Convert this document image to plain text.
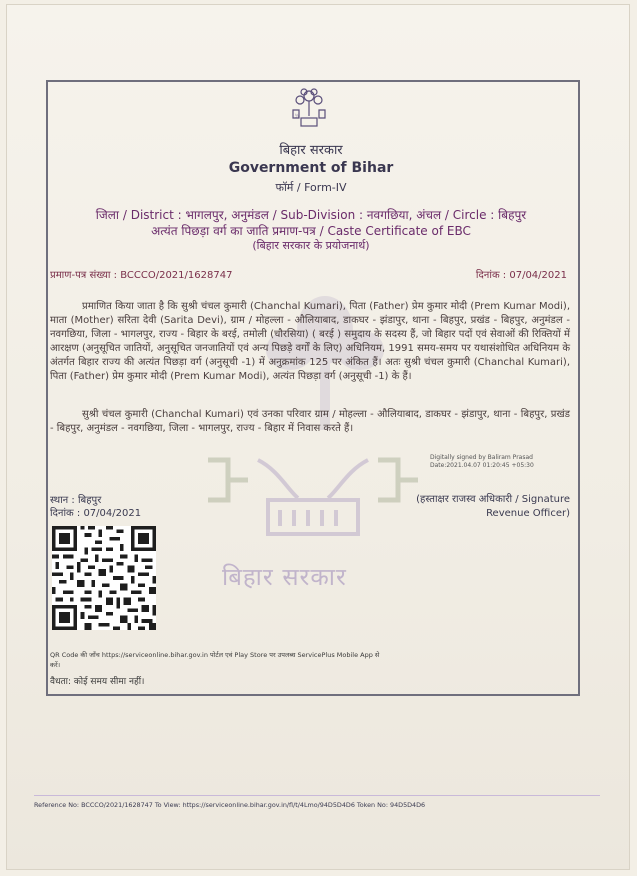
卐
बिहार सरकार
Government of Bihar
फॉर्म / Form-IV
जिला / District : भागलपुर, अनुमंडल / Sub-Division : नवगछिया, अंचल / Circle : बिहपुर
अत्यंत पिछड़ा वर्ग का जाति प्रमाण-पत्र / Caste Certificate of EBC
(बिहार सरकार के प्रयोजनार्थ)
प्रमाण-पत्र संख्या : BCCCO/2021/1628747	दिनांक : 07/04/2021
प्रमाणित किया जाता है कि सुश्री चंचल कुमारी (Chanchal Kumari), पिता (Father) प्रेम कुमार मोदी (Prem Kumar Modi), माता (Mother) सरिता देवी (Sarita Devi), ग्राम / मोहल्ला - औलियाबाद, डाकघर - झंडापुर, थाना - बिहपुर, प्रखंड - बिहपुर, अनुमंडल - नवगछिया, जिला - भागलपुर, राज्य - बिहार के बरई, तमोली (चौरसिया) ( बरई ) समुदाय के सदस्य हैं, जो बिहार पदों एवं सेवाओं की रिक्तियों में आरक्षण (अनुसूचित जातियों, अनुसूचित जनजातियों एवं अन्य पिछड़े वर्गों के लिए) अधिनियम, 1991 समय-समय पर यथासंशोधित अधिनियम के अंतर्गत बिहार राज्य की अत्यंत पिछड़ा वर्ग (अनुसूची -1) में अनुक्रमांक 125 पर अंकित हैं। अतः सुश्री चंचल कुमारी (Chanchal Kumari), पिता (Father) प्रेम कुमार मोदी (Prem Kumar Modi), अत्यंत पिछड़ा वर्ग (अनुसूची -1) के हैं।
सुश्री चंचल कुमारी (Chanchal Kumari) एवं उनका परिवार ग्राम / मोहल्ला - औलियाबाद, डाकघर - झंडापुर, थाना - बिहपुर, प्रखंड - बिहपुर, अनुमंडल - नवगछिया, जिला - भागलपुर, राज्य - बिहार में निवास करते हैं।
बिहार सरकार
Digitally signed by Baliram Prasad
Date:2021.04.07 01:20:45 +05:30
स्थान : बिहपुर
दिनांक : 07/04/2021
(हस्ताक्षर राजस्व अधिकारी / Signature
Revenue Officer)
QR Code की जाँच https://serviceonline.bihar.gov.in पोर्टल एवं Play Store पर उपलब्ध ServicePlus Mobile App से करें।
वैधता: कोई समय सीमा नहीं।
Reference No: BCCCO/2021/1628747 To View: https://serviceonline.bihar.gov.in/fl/t/4Lmo/94D5D4D6 Token No: 94D5D4D6
